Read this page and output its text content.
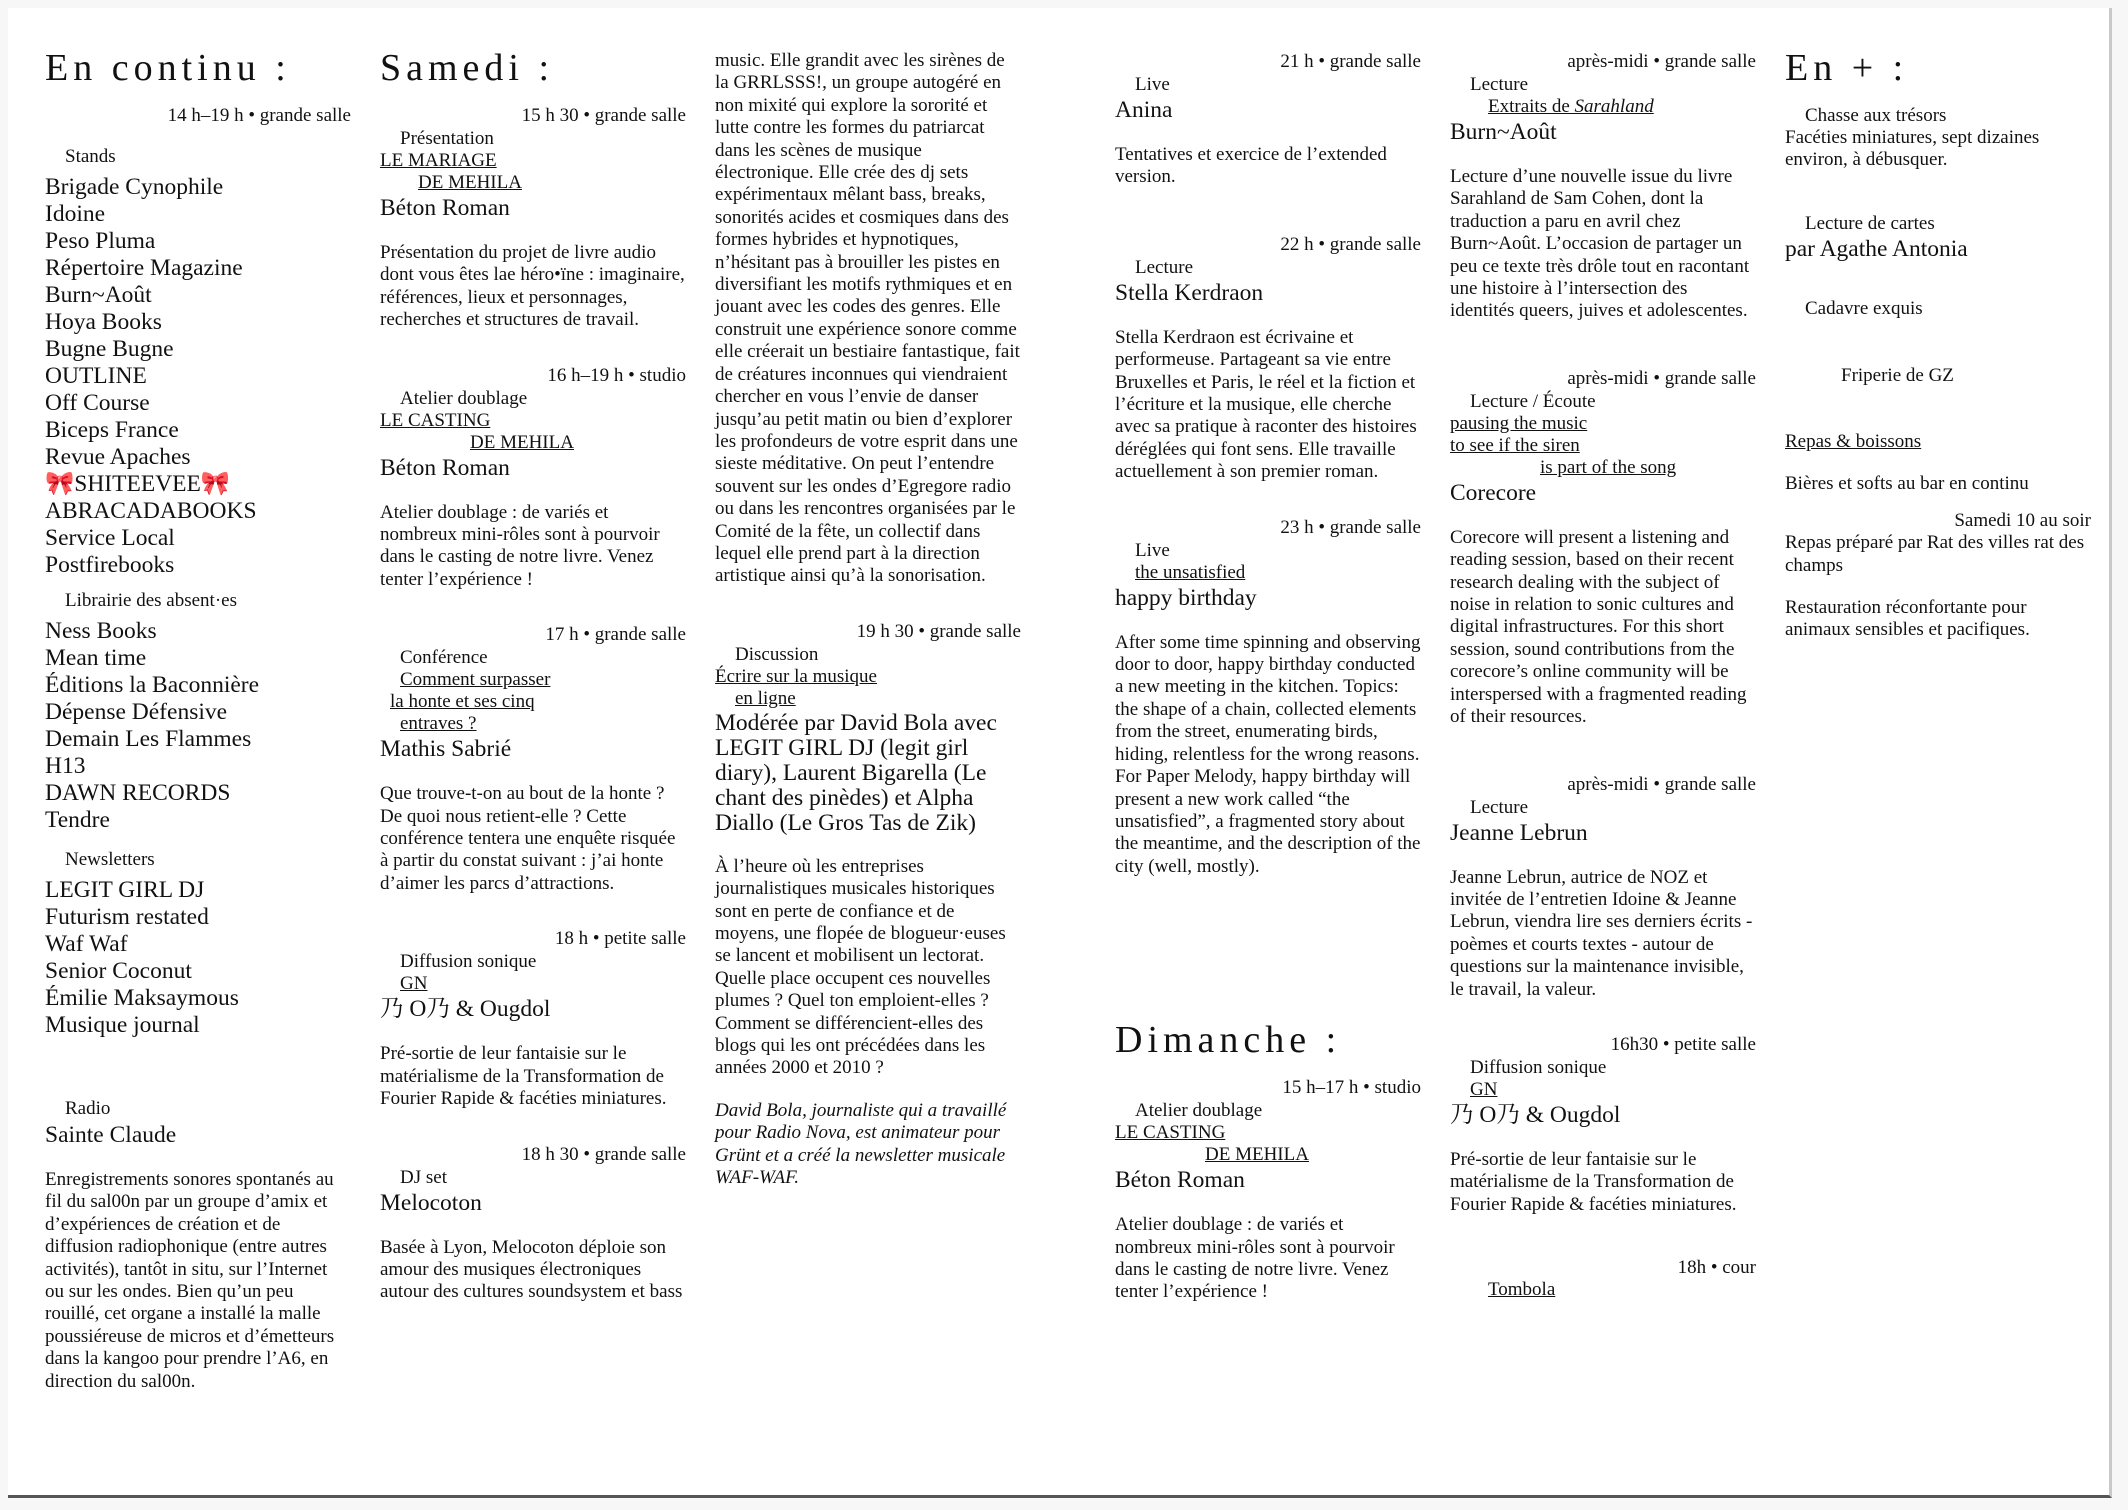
En continu :
14 h–19 h • grande salle
Stands
Brigade Cynophile
Idoine
Peso Pluma
Répertoire Magazine
Burn~Août
Hoya Books
Bugne Bugne
OUTLINE
Off Course
Biceps France
Revue Apaches
🎀SHITEEVEE🎀
ABRACADABOOKS
Service Local
Postfirebooks
Librairie des absent·es
Ness Books
Mean time
Éditions la Baconnière
Dépense Défensive
Demain Les Flammes
H13
DAWN RECORDS
Tendre
Newsletters
LEGIT GIRL DJ
Futurism restated
Waf Waf
Senior Coconut
Émilie Maksaymous
Musique journal
Radio
Sainte Claude
Enregistrements sonores spontanés au fil du sal00n par un groupe d’amix et d’expériences de création et de diffusion radiophonique (entre autres activités), tantôt in situ, sur l’Internet ou sur les ondes. Bien qu’un peu rouillé, cet organe a installé la malle poussiéreuse de micros et d’émetteurs dans la kangoo pour prendre l’A6, en direction du sal00n.
Samedi :
15 h 30 • grande salle
Présentation
LE MARIAGE
DE MEHILA
Béton Roman
Présentation du projet de livre audio dont vous êtes lae héro•ïne : imaginaire, références, lieux et personnages, recherches et structures de travail.
16 h–19 h • studio
Atelier doublage
LE CASTING
DE MEHILA
Béton Roman
Atelier doublage : de variés et nombreux mini-rôles sont à pourvoir dans le casting de notre livre. Venez tenter l’expérience !
17 h • grande salle
Conférence
Comment surpasser
la honte et ses cinq
entraves ?
Mathis Sabrié
Que trouve-t-on au bout de la honte ? De quoi nous retient-elle ? Cette conférence tentera une enquête risquée à partir du constat suivant : j’ai honte d’aimer les parcs d’attractions.
18 h • petite salle
Diffusion sonique
GN
乃 O乃 & Ougdol
Pré-sortie de leur fantaisie sur le matérialisme de la Transformation de Fourier Rapide & facéties miniatures.
18 h 30 • grande salle
DJ set
Melocoton
Basée à Lyon, Melocoton déploie son amour des musiques électroniques autour des cultures soundsystem et bass
music. Elle grandit avec les sirènes de la GRRLSSS!, un groupe autogéré en non mixité qui explore la sororité et lutte contre les formes du patriarcat dans les scènes de musique électronique. Elle crée des dj sets expérimentaux mêlant bass, breaks, sonorités acides et cosmiques dans des formes hybrides et hypnotiques, n’hésitant pas à brouiller les pistes en diversifiant les motifs rythmiques et en jouant avec les codes des genres. Elle construit une expérience sonore comme elle créerait un bestiaire fantastique, fait de créatures inconnues qui viendraient chercher en vous l’envie de danser jusqu’au petit matin ou bien d’explorer les profondeurs de votre esprit dans une sieste méditative. On peut l’entendre souvent sur les ondes d’Egregore radio ou dans les rencontres organisées par le Comité de la fête, un collectif dans lequel elle prend part à la direction artistique ainsi qu’à la sonorisation.
19 h 30 • grande salle
Discussion
Écrire sur la musique
en ligne
Modérée par David Bola avec LEGIT GIRL DJ (legit girl diary), Laurent Bigarella (Le chant des pinèdes) et Alpha Diallo (Le Gros Tas de Zik)
À l’heure où les entreprises journalistiques musicales historiques sont en perte de confiance et de moyens, une flopée de blogueur·euses se lancent et mobilisent un lectorat. Quelle place occupent ces nouvelles plumes ? Quel ton emploient-elles ? Comment se différencient-elles des blogs qui les ont précédées dans les années 2000 et 2010 ?
David Bola, journaliste qui a travaillé pour Radio Nova, est animateur pour Grünt et a créé la newsletter musicale WAF-WAF.
21 h • grande salle
Live
Anina
Tentatives et exercice de l’extended version.
22 h • grande salle
Lecture
Stella Kerdraon
Stella Kerdraon est écrivaine et performeuse. Partageant sa vie entre Bruxelles et Paris, le réel et la fiction et l’écriture et la musique, elle cherche avec sa pratique à raconter des histoires déréglées qui font sens. Elle travaille actuellement à son premier roman.
23 h • grande salle
Live
the unsatisfied
happy birthday
After some time spinning and observing door to door, happy birthday conducted a new meeting in the kitchen. Topics: the shape of a chain, collected elements from the street, enumerating birds, hiding, relentless for the wrong reasons. For Paper Melody, happy birthday will present a new work called “the unsatisfied”, a fragmented story about the meantime, and the description of the city (well, mostly).
Dimanche :
15 h–17 h • studio
Atelier doublage
LE CASTING
DE MEHILA
Béton Roman
Atelier doublage : de variés et nombreux mini-rôles sont à pourvoir dans le casting de notre livre. Venez tenter l’expérience !
après-midi • grande salle
Lecture
Extraits de Sarahland
Burn~Août
Lecture d’une nouvelle issue du livre Sarahland de Sam Cohen, dont la traduction a paru en avril chez Burn~Août. L’occasion de partager un peu ce texte très drôle tout en racontant une histoire à l’intersection des identités queers, juives et adolescentes.
après-midi • grande salle
Lecture / Écoute
pausing the music
to see if the siren
is part of the song
Corecore
Corecore will present a listening and reading session, based on their recent research dealing with the subject of noise in relation to sonic cultures and digital infrastructures. For this short session, sound contributions from the corecore’s online community will be interspersed with a fragmented reading of their resources.
après-midi • grande salle
Lecture
Jeanne Lebrun
Jeanne Lebrun, autrice de NOZ et invitée de l’entretien Idoine & Jeanne Lebrun, viendra lire ses derniers écrits - poèmes et courts textes - autour de questions sur la maintenance invisible, le travail, la valeur.
16h30 • petite salle
Diffusion sonique
GN
乃 O乃 & Ougdol
Pré-sortie de leur fantaisie sur le matérialisme de la Transformation de Fourier Rapide & facéties miniatures.
18h • cour
Tombola
En + :
Chasse aux trésors
Facéties miniatures, sept dizaines environ, à débusquer.
Lecture de cartes
par Agathe Antonia
Cadavre exquis
Friperie de GZ
Repas & boissons
Bières et softs au bar en continu
Samedi 10 au soir
Repas préparé par Rat des villes rat des champs
Restauration réconfortante pour animaux sensibles et pacifiques.
